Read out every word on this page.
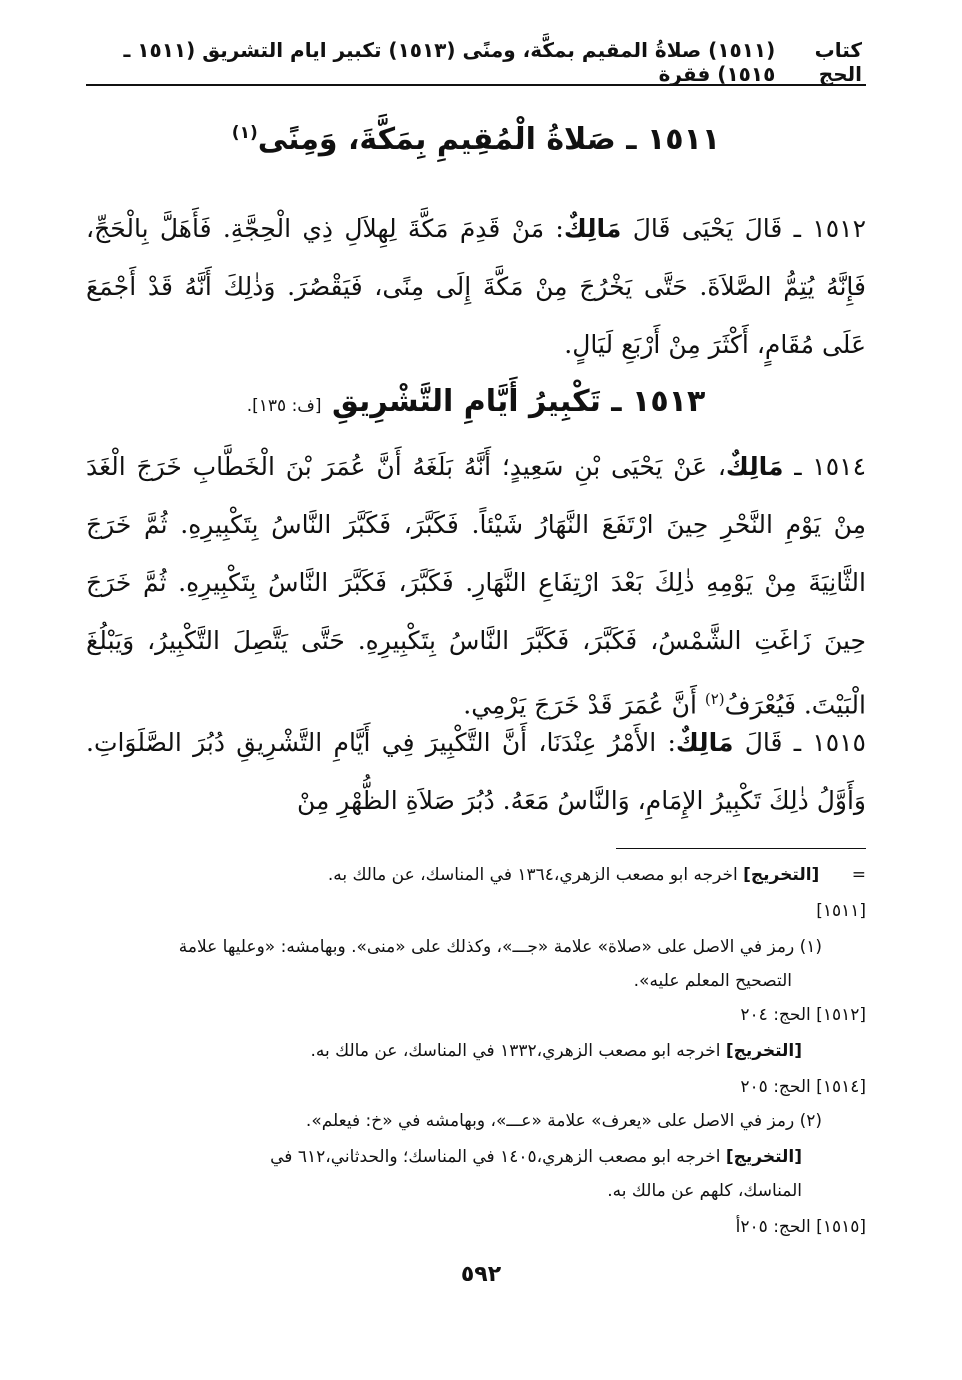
كتاب الحج
(١٥١١) صلاةُ المقيم بمكَّة، ومنًى (١٥١٣) تكبير ايام التشريق (١٥١١ ـ ١٥١٥) فقرة
١٥١١ ـ صَلاةُ الْمُقِيمِ بِمَكَّةَ، وَمِنًى$^{(١)}$
١٥١٢ ـ قَالَ يَحْيَى قَالَ مَالِكٌ: مَنْ قَدِمَ مَكَّةَ لِهِلاَلِ ذِي الْحِجَّةِ. فَأَهَلَّ بِالْحَجِّ، فَإِنَّهُ يُتِمُّ الصَّلاَةَ. حَتَّى يَخْرُجَ مِنْ مَكَّةَ إِلَى مِنًى، فَيَقْصُرَ. وَذٰلِكَ أَنَّهُ قَدْ أَجْمَعَ عَلَى مُقَامٍ، أَكْثَرَ مِنْ أَرْبَعِ لَيَالٍ.
١٥١٣ ـ تَكْبِيرُ أَيَّامِ التَّشْرِيقِ [ف: ١٣٥].
١٥١٤ ـ مَالِكٌ، عَنْ يَحْيَى بْنِ سَعِيدٍ؛ أَنَّهُ بَلَغَهُ أَنَّ عُمَرَ بْنَ الْخَطَّابِ خَرَجَ الْغَدَ مِنْ يَوْمِ النَّحْرِ حِينَ ارْتَفَعَ النَّهَارُ شَيْئاً. فَكَبَّرَ، فَكَبَّرَ النَّاسُ بِتَكْبِيرِهِ. ثُمَّ خَرَجَ الثَّانِيَةَ مِنْ يَوْمِهِ ذٰلِكَ بَعْدَ ارْتِفَاعِ النَّهَارِ. فَكَبَّرَ، فَكَبَّرَ النَّاسُ بِتَكْبِيرِهِ. ثُمَّ خَرَجَ حِينَ زَاغَتِ الشَّمْسُ، فَكَبَّرَ، فَكَبَّرَ النَّاسُ بِتَكْبِيرِهِ. حَتَّى يَتَّصِلَ التَّكْبِيرُ، وَيَبْلُغَ الْبَيْتَ. فَيُعْرَفُ$^{(٢)}$ أَنَّ عُمَرَ قَدْ خَرَجَ يَرْمِي.
١٥١٥ ـ قَالَ مَالِكٌ: الأَمْرُ عِنْدَنَا، أَنَّ التَّكْبِيرَ فِي أَيَّامِ التَّشْرِيقِ دُبُرَ الصَّلَوَاتِ. وَأَوَّلُ ذٰلِكَ تَكْبِيرُ الإِمَامِ، وَالنَّاسُ مَعَهُ. دُبُرَ صَلاَةِ الظُّهْرِ مِنْ
=      [التخريج] اخرجه ابو مصعب الزهري،١٣٦٤ في المناسك، عن مالك به.
[١٥١١]
(١) رمز في الاصل على «صلاة» علامة «جـــ»، وكذلك على «منى». وبهامشه: «وعليها علامة
التصحيح المعلم عليه».
[١٥١٢] الحج: ٢٠٤
[التخريج] اخرجه ابو مصعب الزهري،١٣٣٢ في المناسك، عن مالك به.
[١٥١٤] الحج: ٢٠٥
(٢) رمز في الاصل على «يعرف» علامة «عـــ»، وبهامشه في «خ: فيعلم».
[التخريج] اخرجه ابو مصعب الزهري،١٤٠٥ في المناسك؛ والحدثاني،٦١٢ في
المناسك، كلهم عن مالك به.
[١٥١٥] الحج: ٢٠٥أ
٥٩٢
